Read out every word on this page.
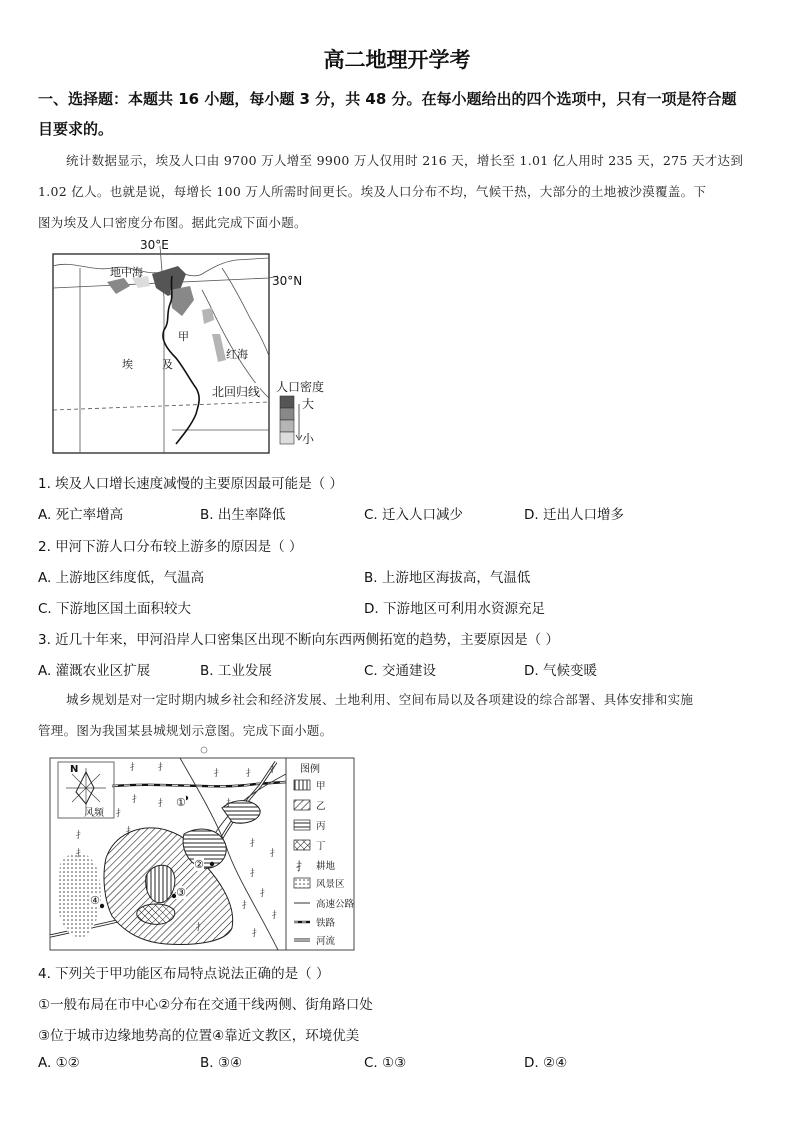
高二地理开学考
一、选择题：本题共 16 小题，每小题 3 分，共 48 分。在每小题给出的四个选项中，只有一项是符合题
目要求的。
统计数据显示，埃及人口由 9700 万人增至 9900 万人仅用时 216 天，增长至 1.01 亿人用时 235 天，275 天才达到
1.02 亿人。也就是说，每增长 100 万人所需时间更长。埃及人口分布不均，气候干热，大部分的土地被沙漠覆盖。下
图为埃及人口密度分布图。据此完成下面小题。
30°E
30°N
地中海
甲
埃	及
红海
北回归线 人口密度
大
小
1. 埃及人口增长速度减慢的主要原因最可能是（ ）
A. 死亡率增高	B. 出生率降低	C. 迁入人口减少	D. 迁出人口增多
2. 甲河下游人口分布较上游多的原因是（ ）
A. 上游地区纬度低，气温高	B. 上游地区海拔高，气温低
C. 下游地区国土面积较大	D. 下游地区可利用水资源充足
3. 近几十年来，甲河沿岸人口密集区出现不断向东西两侧拓宽的趋势，主要原因是（ ）
A. 灌溉农业区扩展	B. 工业发展	C. 交通建设	D. 气候变暖
城乡规划是对一定时期内城乡社会和经济发展、土地利用、空间布局以及各项建设的综合部署、具体安排和实施
管理。图为我国某县城规划示意图。完成下面小题。
⺘ ⺘
⺘	⺘ ⺘
⺘ ⺘	⺘
⺘
⺘
⺘
⺘
⺘
⺘
⺘
⺘
⺘
⺘
⺘
⺘
⺘
N
风频
图例
甲
乙
丙
丁
耕地
风景区
高速公路
铁路
河流
①
②
③
④
4. 下列关于甲功能区布局特点说法正确的是（ ）
①一般布局在市中心②分布在交通干线两侧、街角路口处
③位于城市边缘地势高的位置④靠近文教区，环境优美
A. ①②	B. ③④	C. ①③	D. ②④
